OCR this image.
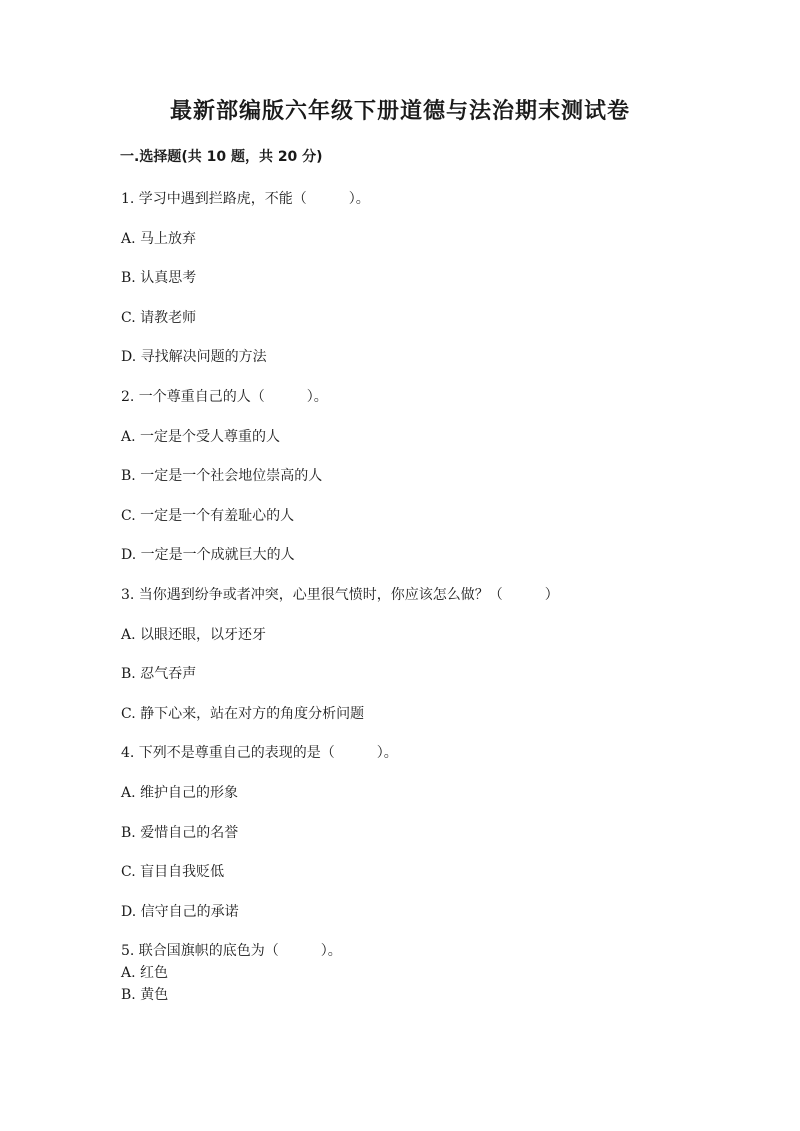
最新部编版六年级下册道德与法治期末测试卷
一.选择题(共 10 题，共 20 分)
1. 学习中遇到拦路虎，不能（　　　）。
A. 马上放弃
B. 认真思考
C. 请教老师
D. 寻找解决问题的方法
2. 一个尊重自己的人（　　　）。
A. 一定是个受人尊重的人
B. 一定是一个社会地位崇高的人
C. 一定是一个有羞耻心的人
D. 一定是一个成就巨大的人
3. 当你遇到纷争或者冲突，心里很气愤时，你应该怎么做？（　　　）
A. 以眼还眼，以牙还牙
B. 忍气吞声
C. 静下心来，站在对方的角度分析问题
4. 下列不是尊重自己的表现的是（　　　）。
A. 维护自己的形象
B. 爱惜自己的名誉
C. 盲目自我贬低
D. 信守自己的承诺
5. 联合国旗帜的底色为（　　　）。
A. 红色
B. 黄色
